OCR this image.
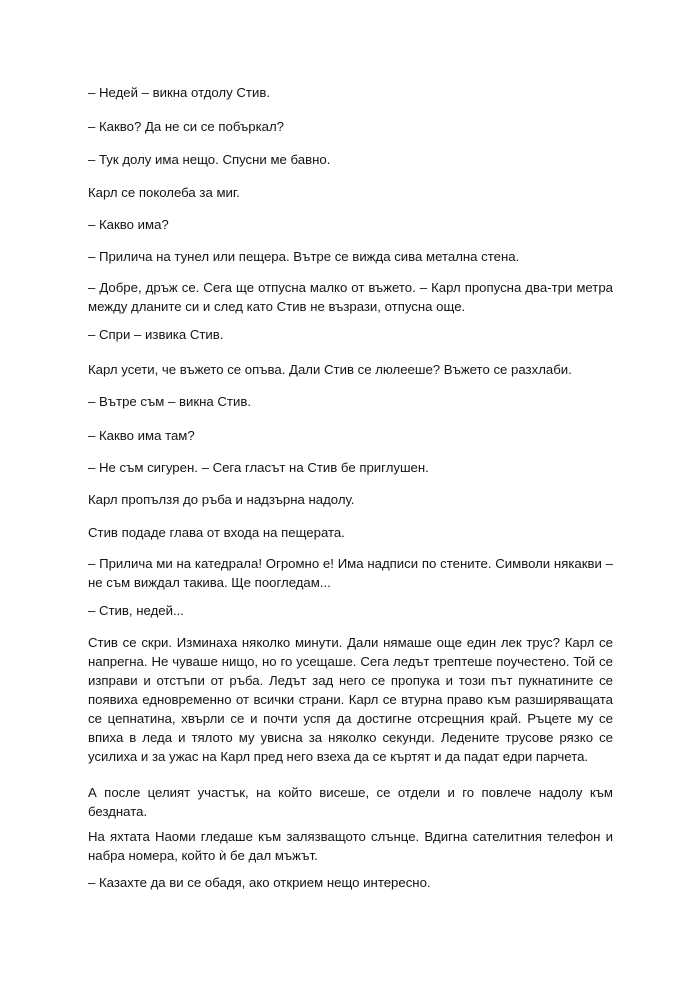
– Недей – викна отдолу Стив.

– Какво? Да не си се побъркал?

– Тук долу има нещо. Спусни ме бавно.

Карл се поколеба за миг.

– Какво има?

– Прилича на тунел или пещера. Вътре се вижда сива метална стена.

– Добре, дръж се. Сега ще отпусна малко от въжето. – Карл пропусна два-три метра между дланите си и след като Стив не възрази, отпусна още.

– Спри – извика Стив.

Карл усети, че въжето се опъва. Дали Стив се люлееше? Въжето се разхлаби.

– Вътре съм – викна Стив.

– Какво има там?

– Не съм сигурен. – Сега гласът на Стив бе приглушен.

Карл пропълзя до ръба и надзърна надолу.

Стив подаде глава от входа на пещерата.

– Прилича ми на катедрала! Огромно е! Има надписи по стените. Символи някакви – не съм виждал такива. Ще поогледам...

– Стив, недей...

Стив се скри. Изминаха няколко минути. Дали нямаше още един лек трус? Карл се напрегна. Не чуваше нищо, но го усещаше. Сега ледът трептеше поучестено. Той се изправи и отстъпи от ръба. Ледът зад него се пропука и този път пукнатините се появиха едновременно от всички страни. Карл се втурна право към разширяващата се цепнатина, хвърли се и почти успя да достигне отсрещния край. Ръцете му се впиха в леда и тялото му увисна за няколко секунди. Ледените трусове рязко се усилиха и за ужас на Карл пред него взеха да се къртят и да падат едри парчета.

А после целият участък, на който висеше, се отдели и го повлече надолу към бездната.

На яхтата Наоми гледаше към залязващото слънце. Вдигна сателитния телефон и набра номера, който ѝ бе дал мъжът.

– Казахте да ви се обадя, ако открием нещо интересно.
